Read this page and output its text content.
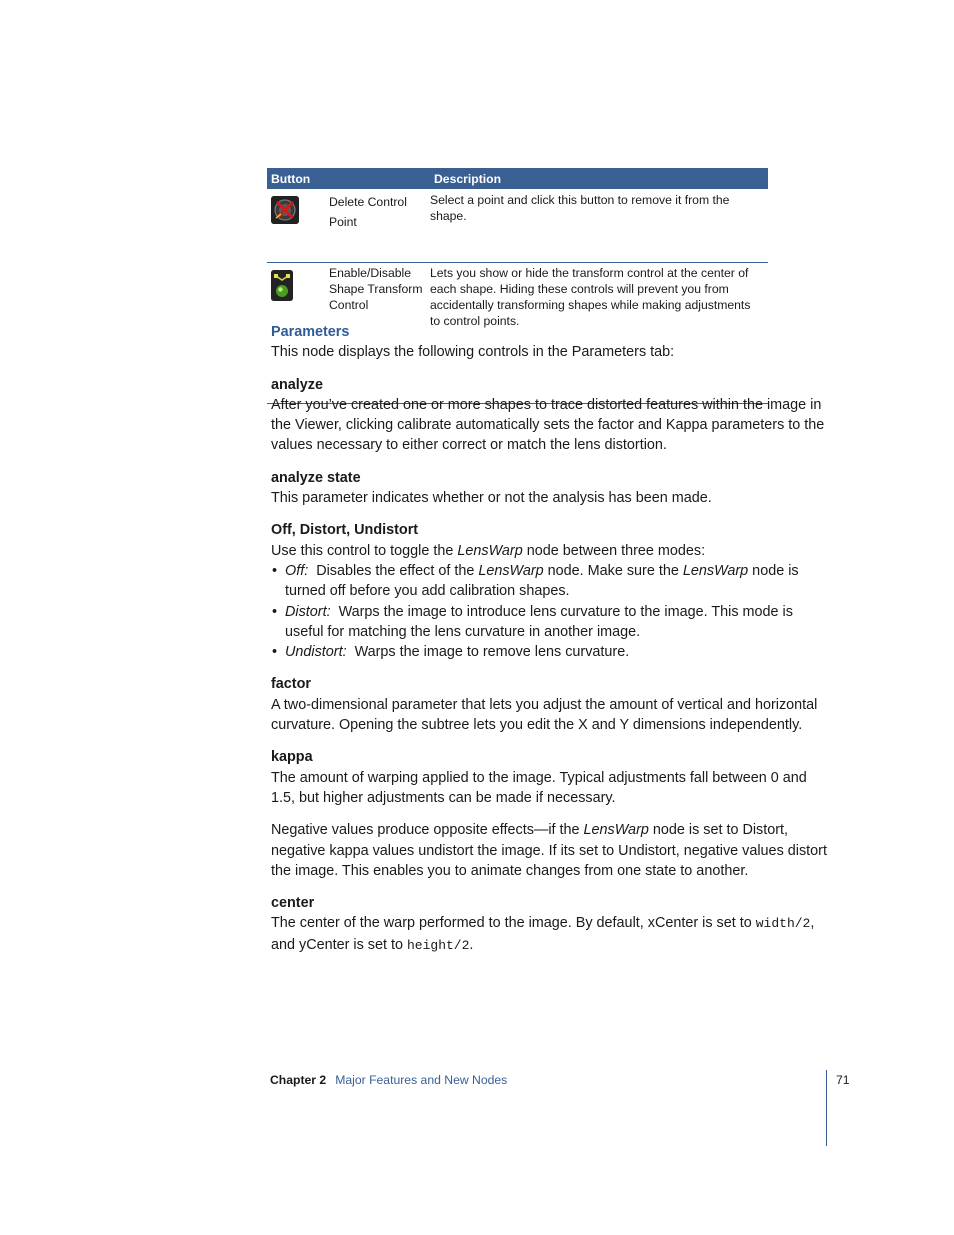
Button		Description

Delete Control
Point	Select a point and click this button to remove it from the shape.

Enable/Disable Shape Transform Control	Lets you show or hide the transform control at the center of each shape. Hiding these controls will prevent you from accidentally transforming shapes while making adjustments to control points.
Parameters

This node displays the following controls in the Parameters tab:

analyze

After you’ve created one or more shapes to trace distorted features within the image in the Viewer, clicking calibrate automatically sets the factor and Kappa parameters to the values necessary to either correct or match the lens distortion.

analyze state

This parameter indicates whether or not the analysis has been made.

Off, Distort, Undistort

Use this control to toggle the LensWarp node between three modes:

• Off:  Disables the effect of the LensWarp node. Make sure the LensWarp node is turned off before you add calibration shapes.
• Distort:  Warps the image to introduce lens curvature to the image. This mode is useful for matching the lens curvature in another image.
• Undistort:  Warps the image to remove lens curvature.
factor

A two-dimensional parameter that lets you adjust the amount of vertical and horizontal curvature. Opening the subtree lets you edit the X and Y dimensions independently.

kappa

The amount of warping applied to the image. Typical adjustments fall between 0 and 1.5, but higher adjustments can be made if necessary.

Negative values produce opposite effects—if the LensWarp node is set to Distort, negative kappa values undistort the image. If its set to Undistort, negative values distort the image. This enables you to animate changes from one state to another.

center

The center of the warp performed to the image. By default, xCenter is set to width/2, and yCenter is set to height/2.

Chapter 2 Major Features and New Nodes	71
